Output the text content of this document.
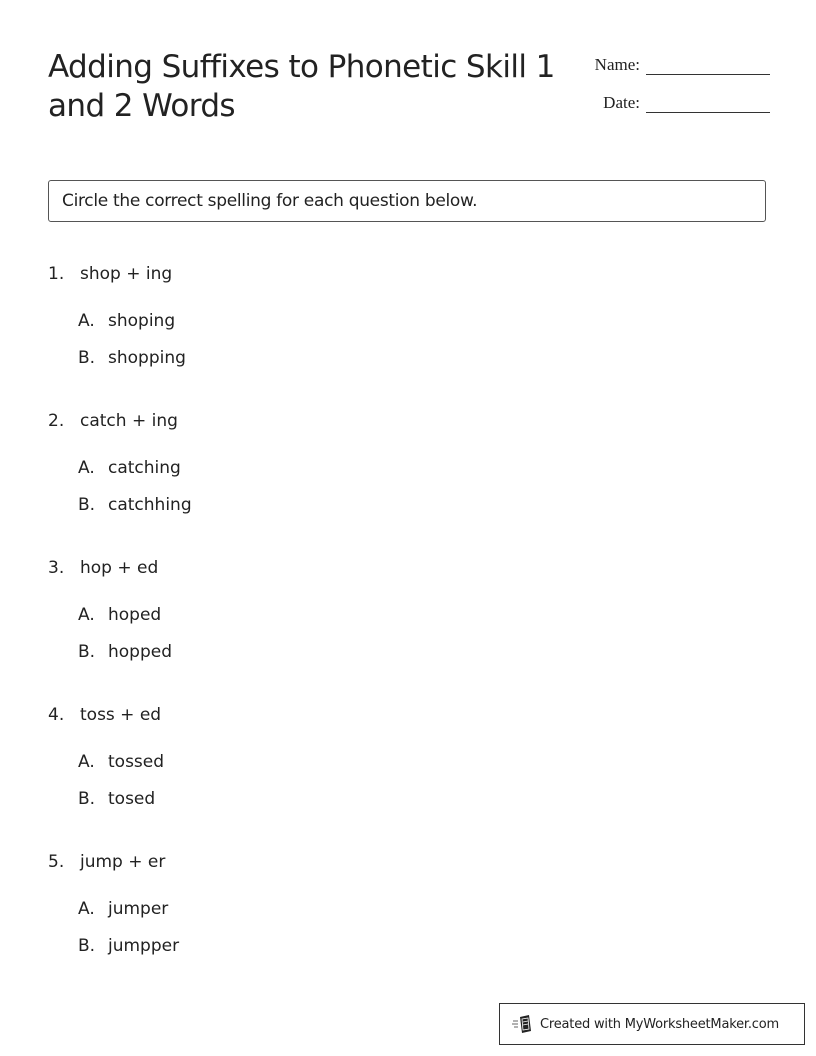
Adding Suffixes to Phonetic Skill 1 and 2 Words
Name:
Date:
Circle the correct spelling for each question below.
1. shop + ing
A. shoping
B. shopping
2. catch + ing
A. catching
B. catchhing
3. hop + ed
A. hoped
B. hopped
4. toss + ed
A. tossed
B. tosed
5. jump + er
A. jumper
B. jumpper
Created with MyWorksheetMaker.com
